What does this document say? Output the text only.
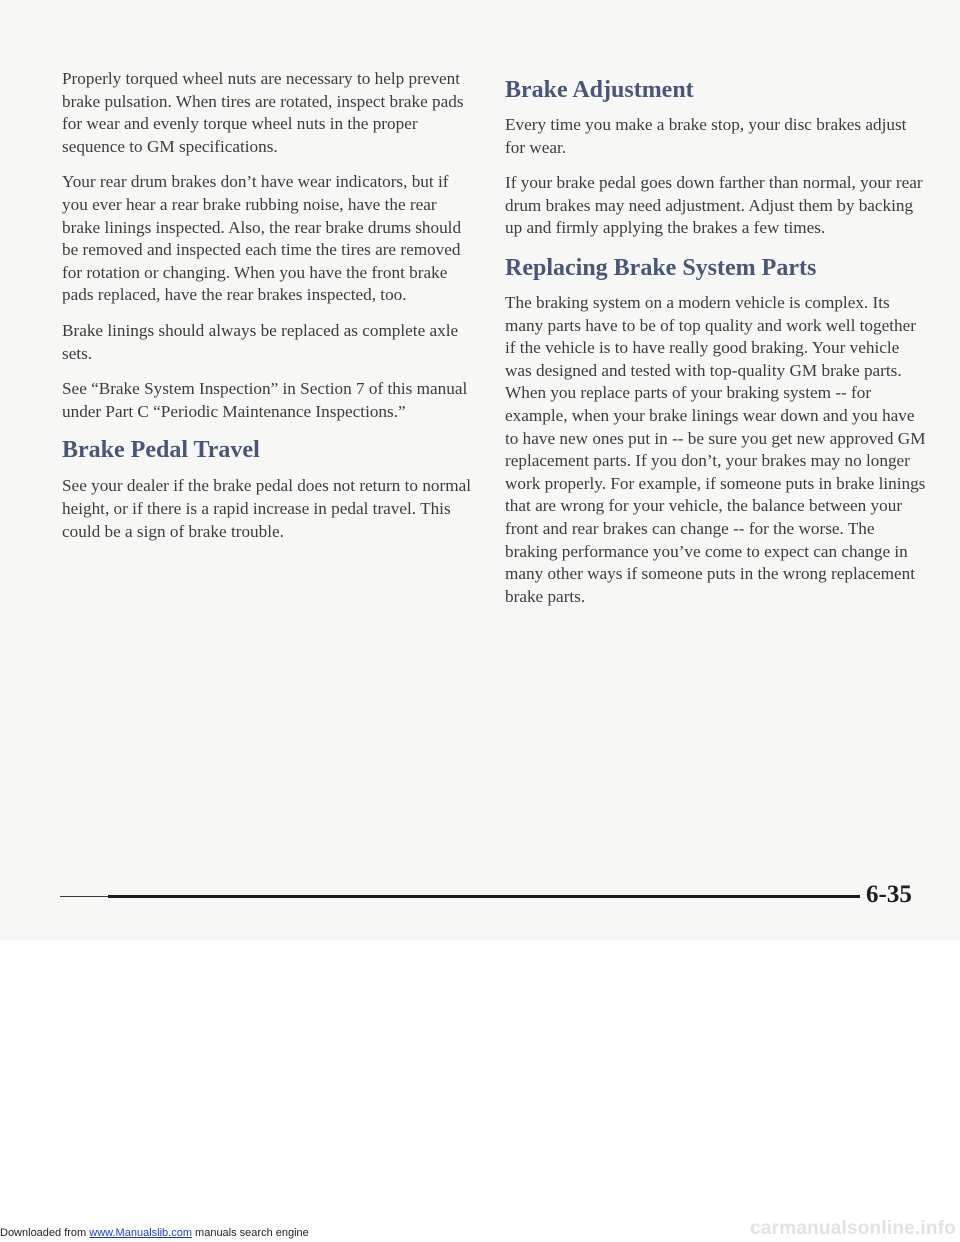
Properly torqued wheel nuts are necessary to help prevent brake pulsation. When tires are rotated, inspect brake pads for wear and evenly torque wheel nuts in the proper sequence to GM specifications.

Your rear drum brakes don’t have wear indicators, but if you ever hear a rear brake rubbing noise, have the rear brake linings inspected. Also, the rear brake drums should be removed and inspected each time the tires are removed for rotation or changing. When you have the front brake pads replaced, have the rear brakes inspected, too.

Brake linings should always be replaced as complete axle sets.

See “Brake System Inspection” in Section 7 of this manual under Part C “Periodic Maintenance Inspections.”

Brake Pedal Travel

See your dealer if the brake pedal does not return to normal height, or if there is a rapid increase in pedal travel. This could be a sign of brake trouble.

Brake Adjustment

Every time you make a brake stop, your disc brakes adjust for wear.

If your brake pedal goes down farther than normal, your rear drum brakes may need adjustment. Adjust them by backing up and firmly applying the brakes a few times.

Replacing Brake System Parts

The braking system on a modern vehicle is complex. Its many parts have to be of top quality and work well together if the vehicle is to have really good braking. Your vehicle was designed and tested with top-quality GM brake parts. When you replace parts of your braking system -- for example, when your brake linings wear down and you have to have new ones put in -- be sure you get new approved GM replacement parts. If you don’t, your brakes may no longer work properly. For example, if someone puts in brake linings that are wrong for your vehicle, the balance between your front and rear brakes can change -- for the worse. The braking performance you’ve come to expect can change in many other ways if someone puts in the wrong replacement brake parts.

6-35
Downloaded from www.Manualslib.com manuals search engine	carmanualsonline.info
